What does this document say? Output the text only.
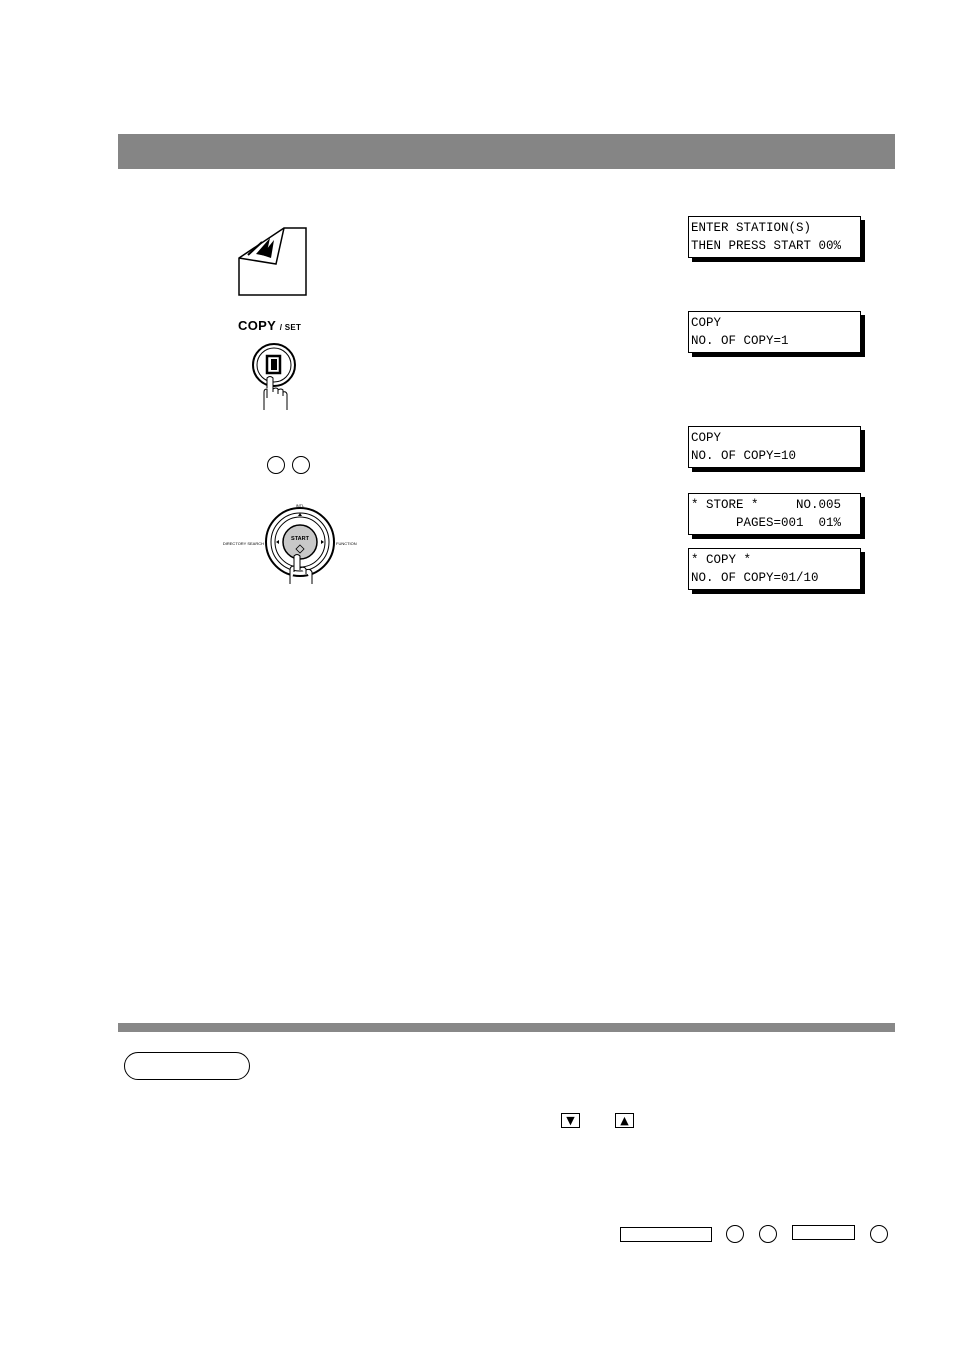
COPY / SET
START
INTL
DIRECTORY SEARCH	FUNCTION
ENTER STATION(S)
THEN PRESS START 00%
COPY
NO. OF COPY=1
COPY
NO. OF COPY=10
* STORE *     NO.005
PAGES=001  01%
* COPY *
NO. OF COPY=01/10
▼	▲
